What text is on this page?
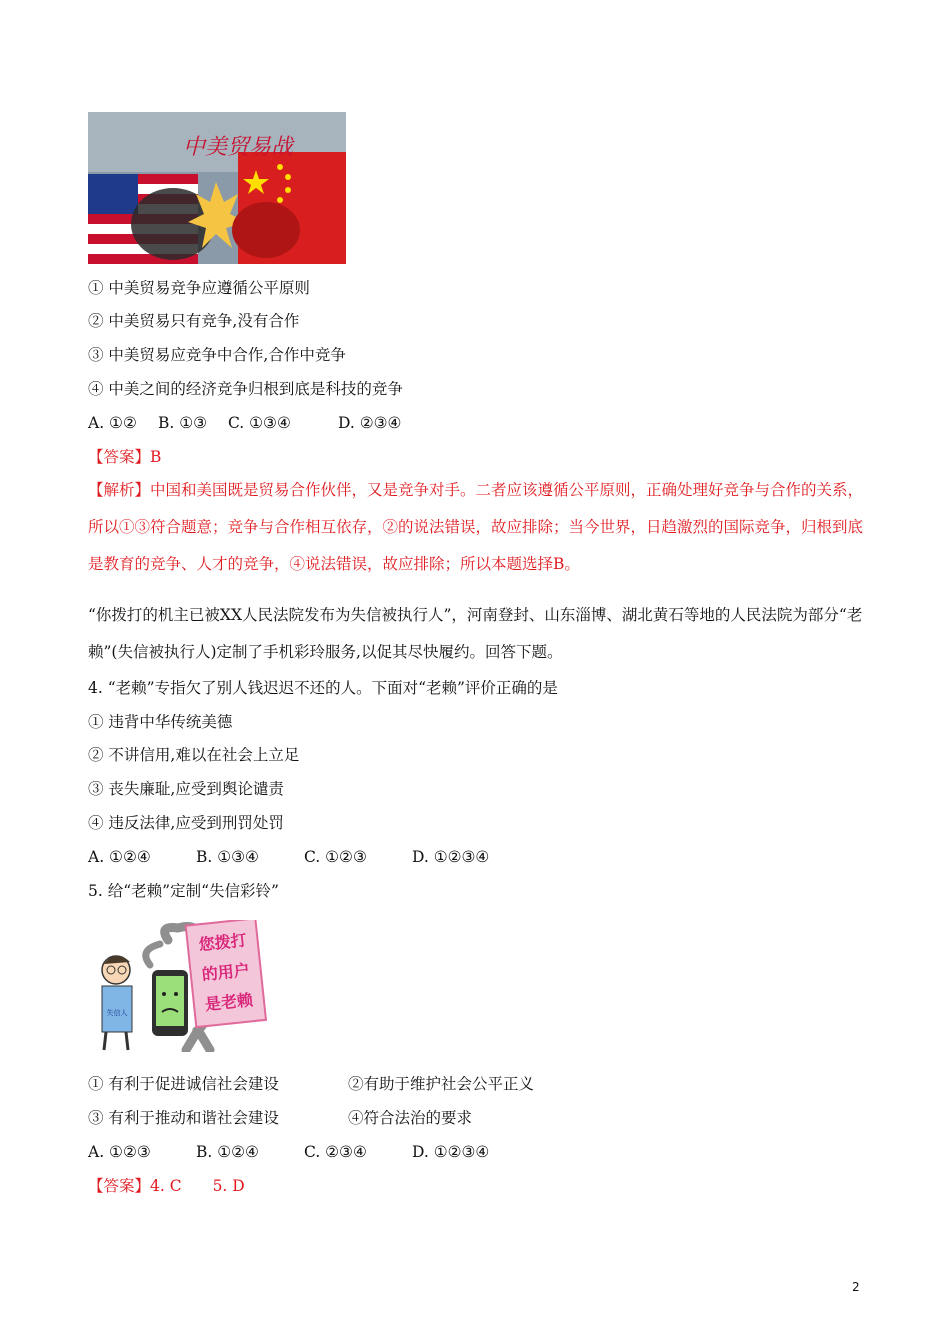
中美贸易战
① 中美贸易竞争应遵循公平原则
② 中美贸易只有竞争,没有合作
③ 中美贸易应竞争中合作,合作中竞争
④ 中美之间的经济竞争归根到底是科技的竞争
A. ①② B. ①③ C. ①③④	D. ②③④
【答案】B
【解析】中国和美国既是贸易合作伙伴，又是竞争对手。二者应该遵循公平原则，正确处理好竞争与合作的关系，所以①③符合题意；竞争与合作相互依存，②的说法错误，故应排除；当今世界，日趋激烈的国际竞争，归根到底是教育的竞争、人才的竞争，④说法错误，故应排除；所以本题选择B。
“你拨打的机主已被XX人民法院发布为失信被执行人”，河南登封、山东淄博、湖北黄石等地的人民法院为部分“老赖”(失信被执行人)定制了手机彩玲服务,以促其尽快履约。回答下题。
4. “老赖”专指欠了别人钱迟迟不还的人。下面对“老赖”评价正确的是
① 违背中华传统美德
② 不讲信用,难以在社会上立足
③ 丧失廉耻,应受到舆论谴责
④ 违反法律,应受到刑罚处罚
A. ①②④	B. ①③④	C. ①②③	D. ①②③④
5. 给“老赖”定制“失信彩铃”
失信人
您拨打
的用户
是老赖
① 有利于促进诚信社会建设	②有助于维护社会公平正义
③ 有利于推动和谐社会建设	④符合法治的要求
A. ①②③	B. ①②④	C. ②③④	D. ①②③④
【答案】4. C　　5. D
2
